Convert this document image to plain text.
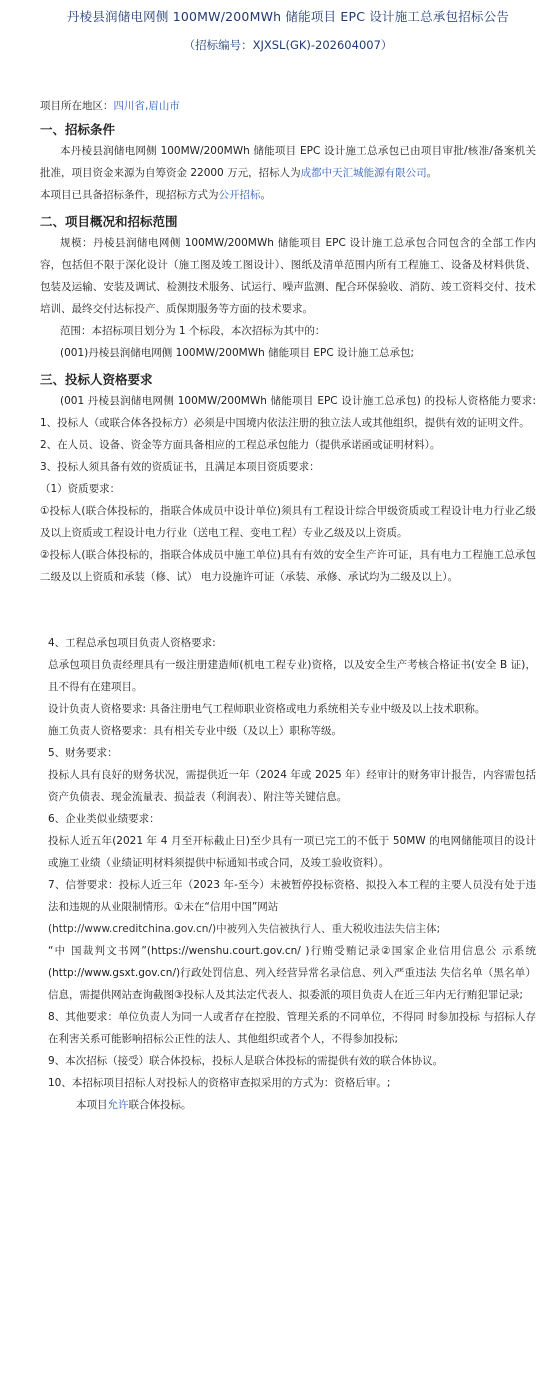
丹棱县润储电网侧 100MW/200MWh 储能项目 EPC 设计施工总承包招标公告
（招标编号：XJXSL(GK)-202604007）
项目所在地区：四川省,眉山市
一、招标条件

本丹棱县润储电网侧 100MW/200MWh 储能项目 EPC 设计施工总承包已由项目审批/核准/备案机关批准，项目资金来源为自筹资金 22000 万元，招标人为成都中天汇城能源有限公司。

本项目已具备招标条件，现招标方式为公开招标。

二、项目概况和招标范围

规模：丹棱县润储电网侧 100MW/200MWh 储能项目 EPC 设计施工总承包合同包含的全部工作内容，包括但不限于深化设计（施工图及竣工图设计）、图纸及清单范围内所有工程施工、设备及材料供货、包装及运输、安装及调试、检测技术服务、试运行、噪声监测、配合环保验收、消防、竣工资料交付、技术培训、最终交付达标投产、质保期服务等方面的技术要求。

范围：本招标项目划分为 1 个标段，本次招标为其中的：

(001)丹棱县润储电网侧 100MW/200MWh 储能项目 EPC 设计施工总承包;

三、投标人资格要求

(001 丹棱县润储电网侧 100MW/200MWh 储能项目 EPC 设计施工总承包) 的投标人资格能力要求: 1、投标人（或联合体各投标方）必须是中国境内依法注册的独立法人或其他组织，提供有效的证明文件。

2、在人员、设备、资金等方面具备相应的工程总承包能力（提供承诺函或证明材料）。

3、投标人须具备有效的资质证书，且满足本项目资质要求：

（1）资质要求：

①投标人(联合体投标的，指联合体成员中设计单位)须具有工程设计综合甲级资质或工程设计电力行业乙级及以上资质或工程设计电力行业（送电工程、变电工程）专业乙级及以上资质。

②投标人(联合体投标的，指联合体成员中施工单位)具有有效的安全生产许可证，具有电力工程施工总承包二级及以上资质和承装（修、试） 电力设施许可证（承装、承修、承试均为二级及以上）。

4、工程总承包项目负责人资格要求:

总承包项目负责经理具有一级注册建造师(机电工程专业)资格，以及安全生产考核合格证书(安全 B 证)，且不得有在建项目。

设计负责人资格要求: 具备注册电气工程师职业资格或电力系统相关专业中级及以上技术职称。

施工负责人资格要求：具有相关专业中级（及以上）职称等级。

5、财务要求：

投标人具有良好的财务状况，需提供近一年（2024 年或 2025 年）经审计的财务审计报告，内容需包括资产负债表、现金流量表、损益表（利润表）、附注等关键信息。

6、企业类似业绩要求：

投标人近五年(2021 年 4 月至开标截止日)至少具有一项已完工的不低于 50MW 的电网储能项目的设计或施工业绩（业绩证明材料须提供中标通知书或合同，及竣工验收资料）。

7、信誉要求：投标人近三年（2023 年-至今）未被暂停投标资格、拟投入本工程的主要人员没有处于违法和违规的从业限制情形。①未在“信用中国”网站

(http://www.creditchina.gov.cn/)中被列入失信被执行人、重大税收违法失信主体;

“中 国裁判文书网”(https://wenshu.court.gov.cn/ )行贿受贿记录②国家企业信用信息公 示系统(http://www.gsxt.gov.cn/)行政处罚信息、列入经营异常名录信息、列入严重违法 失信名单（黑名单）信息，需提供网站查询截图③投标人及其法定代表人、拟委派的项目负责人在近三年内无行贿犯罪记录;

8、其他要求：单位负责人为同一人或者存在控股、管理关系的不同单位，不得同 时参加投标 与招标人存在利害关系可能影响招标公正性的法人、其他组织或者个人，不得参加投标;

9、本次招标（接受）联合体投标，投标人是联合体投标的需提供有效的联合体协议。

10、本招标项目招标人对投标人的资格审查拟采用的方式为：资格后审。;

本项目允许联合体投标。
